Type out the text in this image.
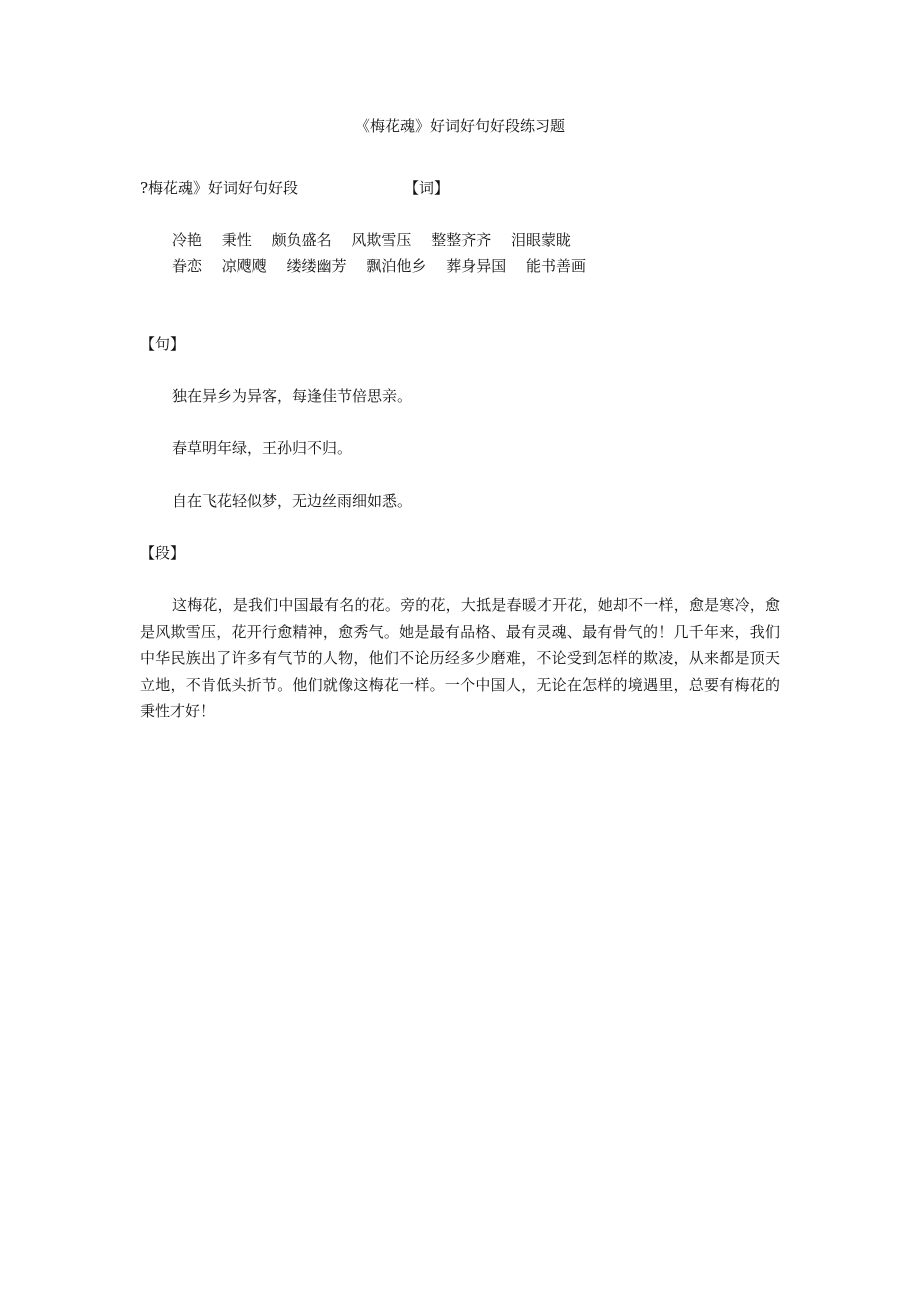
《梅花魂》好词好句好段练习题
?梅花魂》好词好句好段	【词】
冷艳 秉性 颇负盛名 风欺雪压 整整齐齐 泪眼蒙眬
眷恋 凉飕飕 缕缕幽芳 飘泊他乡 葬身异国 能书善画
【句】
独在异乡为异客，每逢佳节倍思亲。
春草明年绿，王孙归不归。
自在飞花轻似梦，无边丝雨细如悉。
【段】
这梅花，是我们中国最有名的花。旁的花，大抵是春暖才开花，她却不一样，愈是寒冷，愈是风欺雪压，花开行愈精神，愈秀气。她是最有品格、最有灵魂、最有骨气的！几千年来，我们中华民族出了许多有气节的人物，他们不论历经多少磨难，不论受到怎样的欺凌，从来都是顶天立地，不肯低头折节。他们就像这梅花一样。一个中国人，无论在怎样的境遇里，总要有梅花的秉性才好！
